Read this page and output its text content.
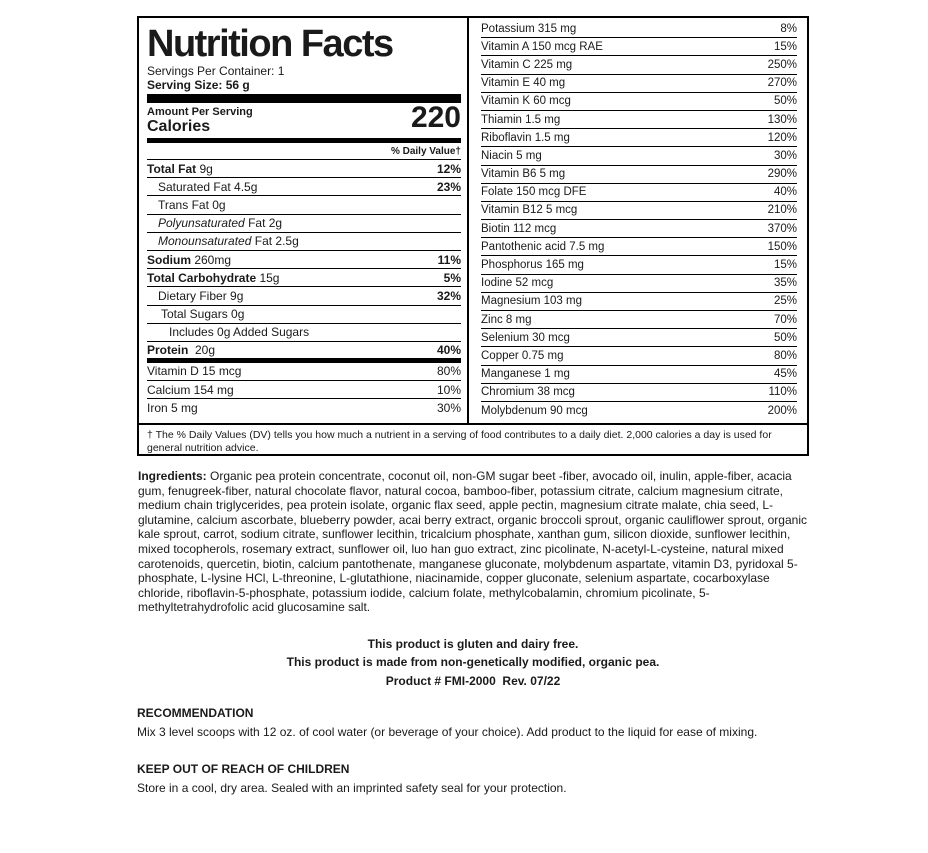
Nutrition Facts
Servings Per Container: 1
Serving Size: 56 g
Amount Per Serving
Calories	220
% Daily Value†
Total Fat 9g	12%
Saturated Fat 4.5g	23%
Trans Fat 0g
Polyunsaturated Fat 2g
Monounsaturated Fat 2.5g
Sodium 260mg	11%
Total Carbohydrate 15g	5%
Dietary Fiber 9g	32%
Total Sugars 0g
Includes 0g Added Sugars
Protein  20g	40%
Vitamin D 15 mcg	80%
Calcium 154 mg	10%
Iron 5 mg	30%
Potassium 315 mg	8%
Vitamin A 150 mcg RAE	15%
Vitamin C 225 mg	250%
Vitamin E 40 mg	270%
Vitamin K 60 mcg	50%
Thiamin 1.5 mg	130%
Riboflavin 1.5 mg	120%
Niacin 5 mg	30%
Vitamin B6 5 mg	290%
Folate 150 mcg DFE	40%
Vitamin B12 5 mcg	210%
Biotin 112 mcg	370%
Pantothenic acid 7.5 mg	150%
Phosphorus 165 mg	15%
Iodine 52 mcg	35%
Magnesium 103 mg	25%
Zinc 8 mg	70%
Selenium 30 mcg	50%
Copper 0.75 mg	80%
Manganese 1 mg	45%
Chromium 38 mcg	110%
Molybdenum 90 mcg	200%
† The % Daily Values (DV) tells you how much a nutrient in a serving of food contributes to a daily diet. 2,000 calories a day is used for general nutrition advice.
Ingredients: Organic pea protein concentrate, coconut oil, non-GM sugar beet -fiber, avocado oil, inulin, apple-fiber, acacia gum, fenugreek-fiber, natural chocolate flavor, natural cocoa, bamboo-fiber, potassium citrate, calcium magnesium citrate, medium chain triglycerides, pea protein isolate, organic flax seed, apple pectin, magnesium citrate malate, chia seed, L-glutamine, calcium ascorbate, blueberry powder, acai berry extract, organic broccoli sprout, organic cauliflower sprout, organic kale sprout, carrot, sodium citrate, sunflower lecithin, tricalcium phosphate, xanthan gum, silicon dioxide, sunflower lecithin, mixed tocopherols, rosemary extract, sunflower oil, luo han guo extract, zinc picolinate, N-acetyl-L-cysteine, natural mixed carotenoids, quercetin, biotin, calcium pantothenate, manganese gluconate, molybdenum aspartate, vitamin D3, pyridoxal 5-phosphate, L-lysine HCl, L-threonine, L-glutathione, niacinamide, copper gluconate, selenium aspartate, cocarboxylase chloride, riboflavin-5-phosphate, potassium iodide, calcium folate, methylcobalamin, chromium picolinate, 5-methyltetrahydrofolic acid glucosamine salt.
This product is gluten and dairy free.
This product is made from non-genetically modified, organic pea.
Product # FMI-2000  Rev. 07/22
RECOMMENDATION
Mix 3 level scoops with 12 oz. of cool water (or beverage of your choice). Add product to the liquid for ease of mixing.
KEEP OUT OF REACH OF CHILDREN
Store in a cool, dry area. Sealed with an imprinted safety seal for your protection.
